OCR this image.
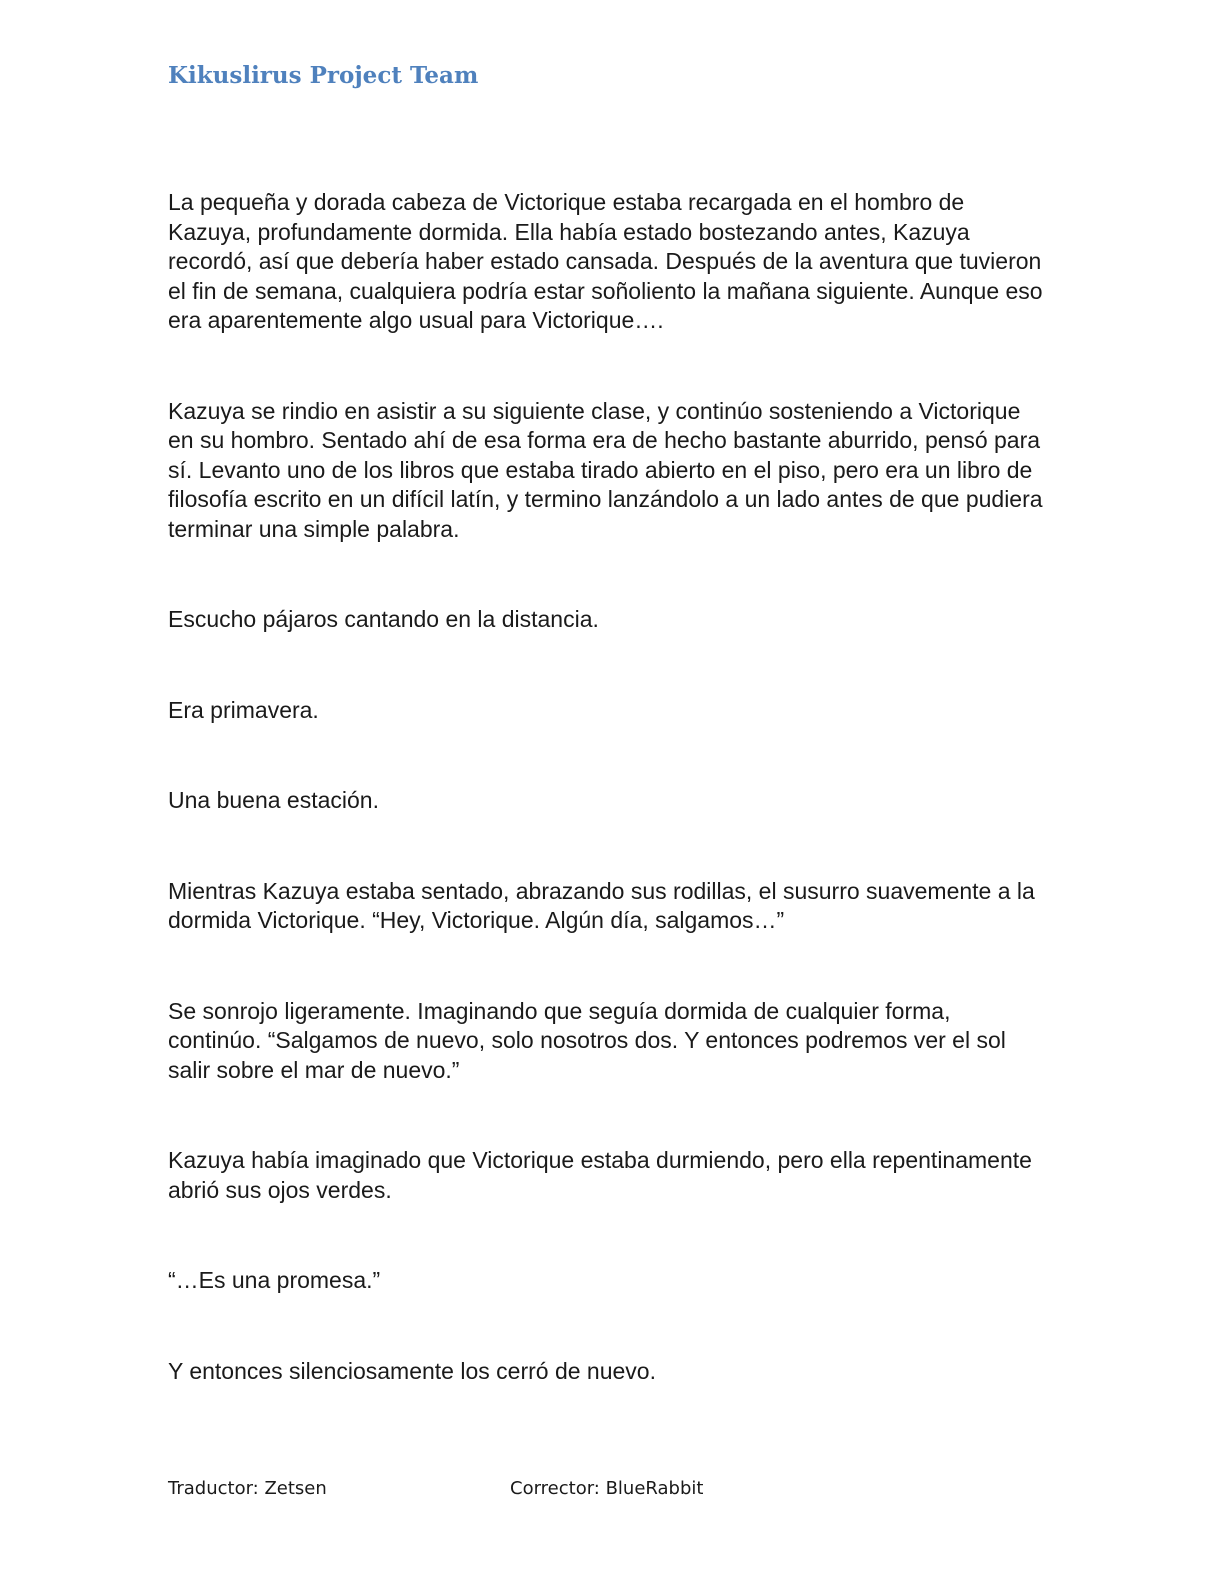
Kikuslirus Project Team

La pequeña y dorada cabeza de Victorique estaba recargada en el hombro de Kazuya, profundamente dormida. Ella había estado bostezando antes, Kazuya recordó, así que debería haber estado cansada. Después de la aventura que tuvieron el fin de semana, cualquiera podría estar soñoliento la mañana siguiente. Aunque eso era aparentemente algo usual para Victorique….

Kazuya se rindio en asistir a su siguiente clase, y continúo sosteniendo a Victorique en su hombro. Sentado ahí de esa forma era de hecho bastante aburrido, pensó para sí. Levanto uno de los libros que estaba tirado abierto en el piso, pero era un libro de filosofía escrito en un difícil latín, y termino lanzándolo a un lado antes de que pudiera terminar una simple palabra.

Escucho pájaros cantando en la distancia.

Era primavera.

Una buena estación.

Mientras Kazuya estaba sentado, abrazando sus rodillas, el susurro suavemente a la dormida Victorique. “Hey, Victorique. Algún día, salgamos…”

Se sonrojo ligeramente. Imaginando que seguía dormida de cualquier forma, continúo. “Salgamos de nuevo, solo nosotros dos. Y entonces podremos ver el sol salir sobre el mar de nuevo.”

Kazuya había imaginado que Victorique estaba durmiendo, pero ella repentinamente abrió sus ojos verdes.

“…Es una promesa.”

Y entonces silenciosamente los cerró de nuevo.

Traductor: Zetsen	Corrector: BlueRabbit
